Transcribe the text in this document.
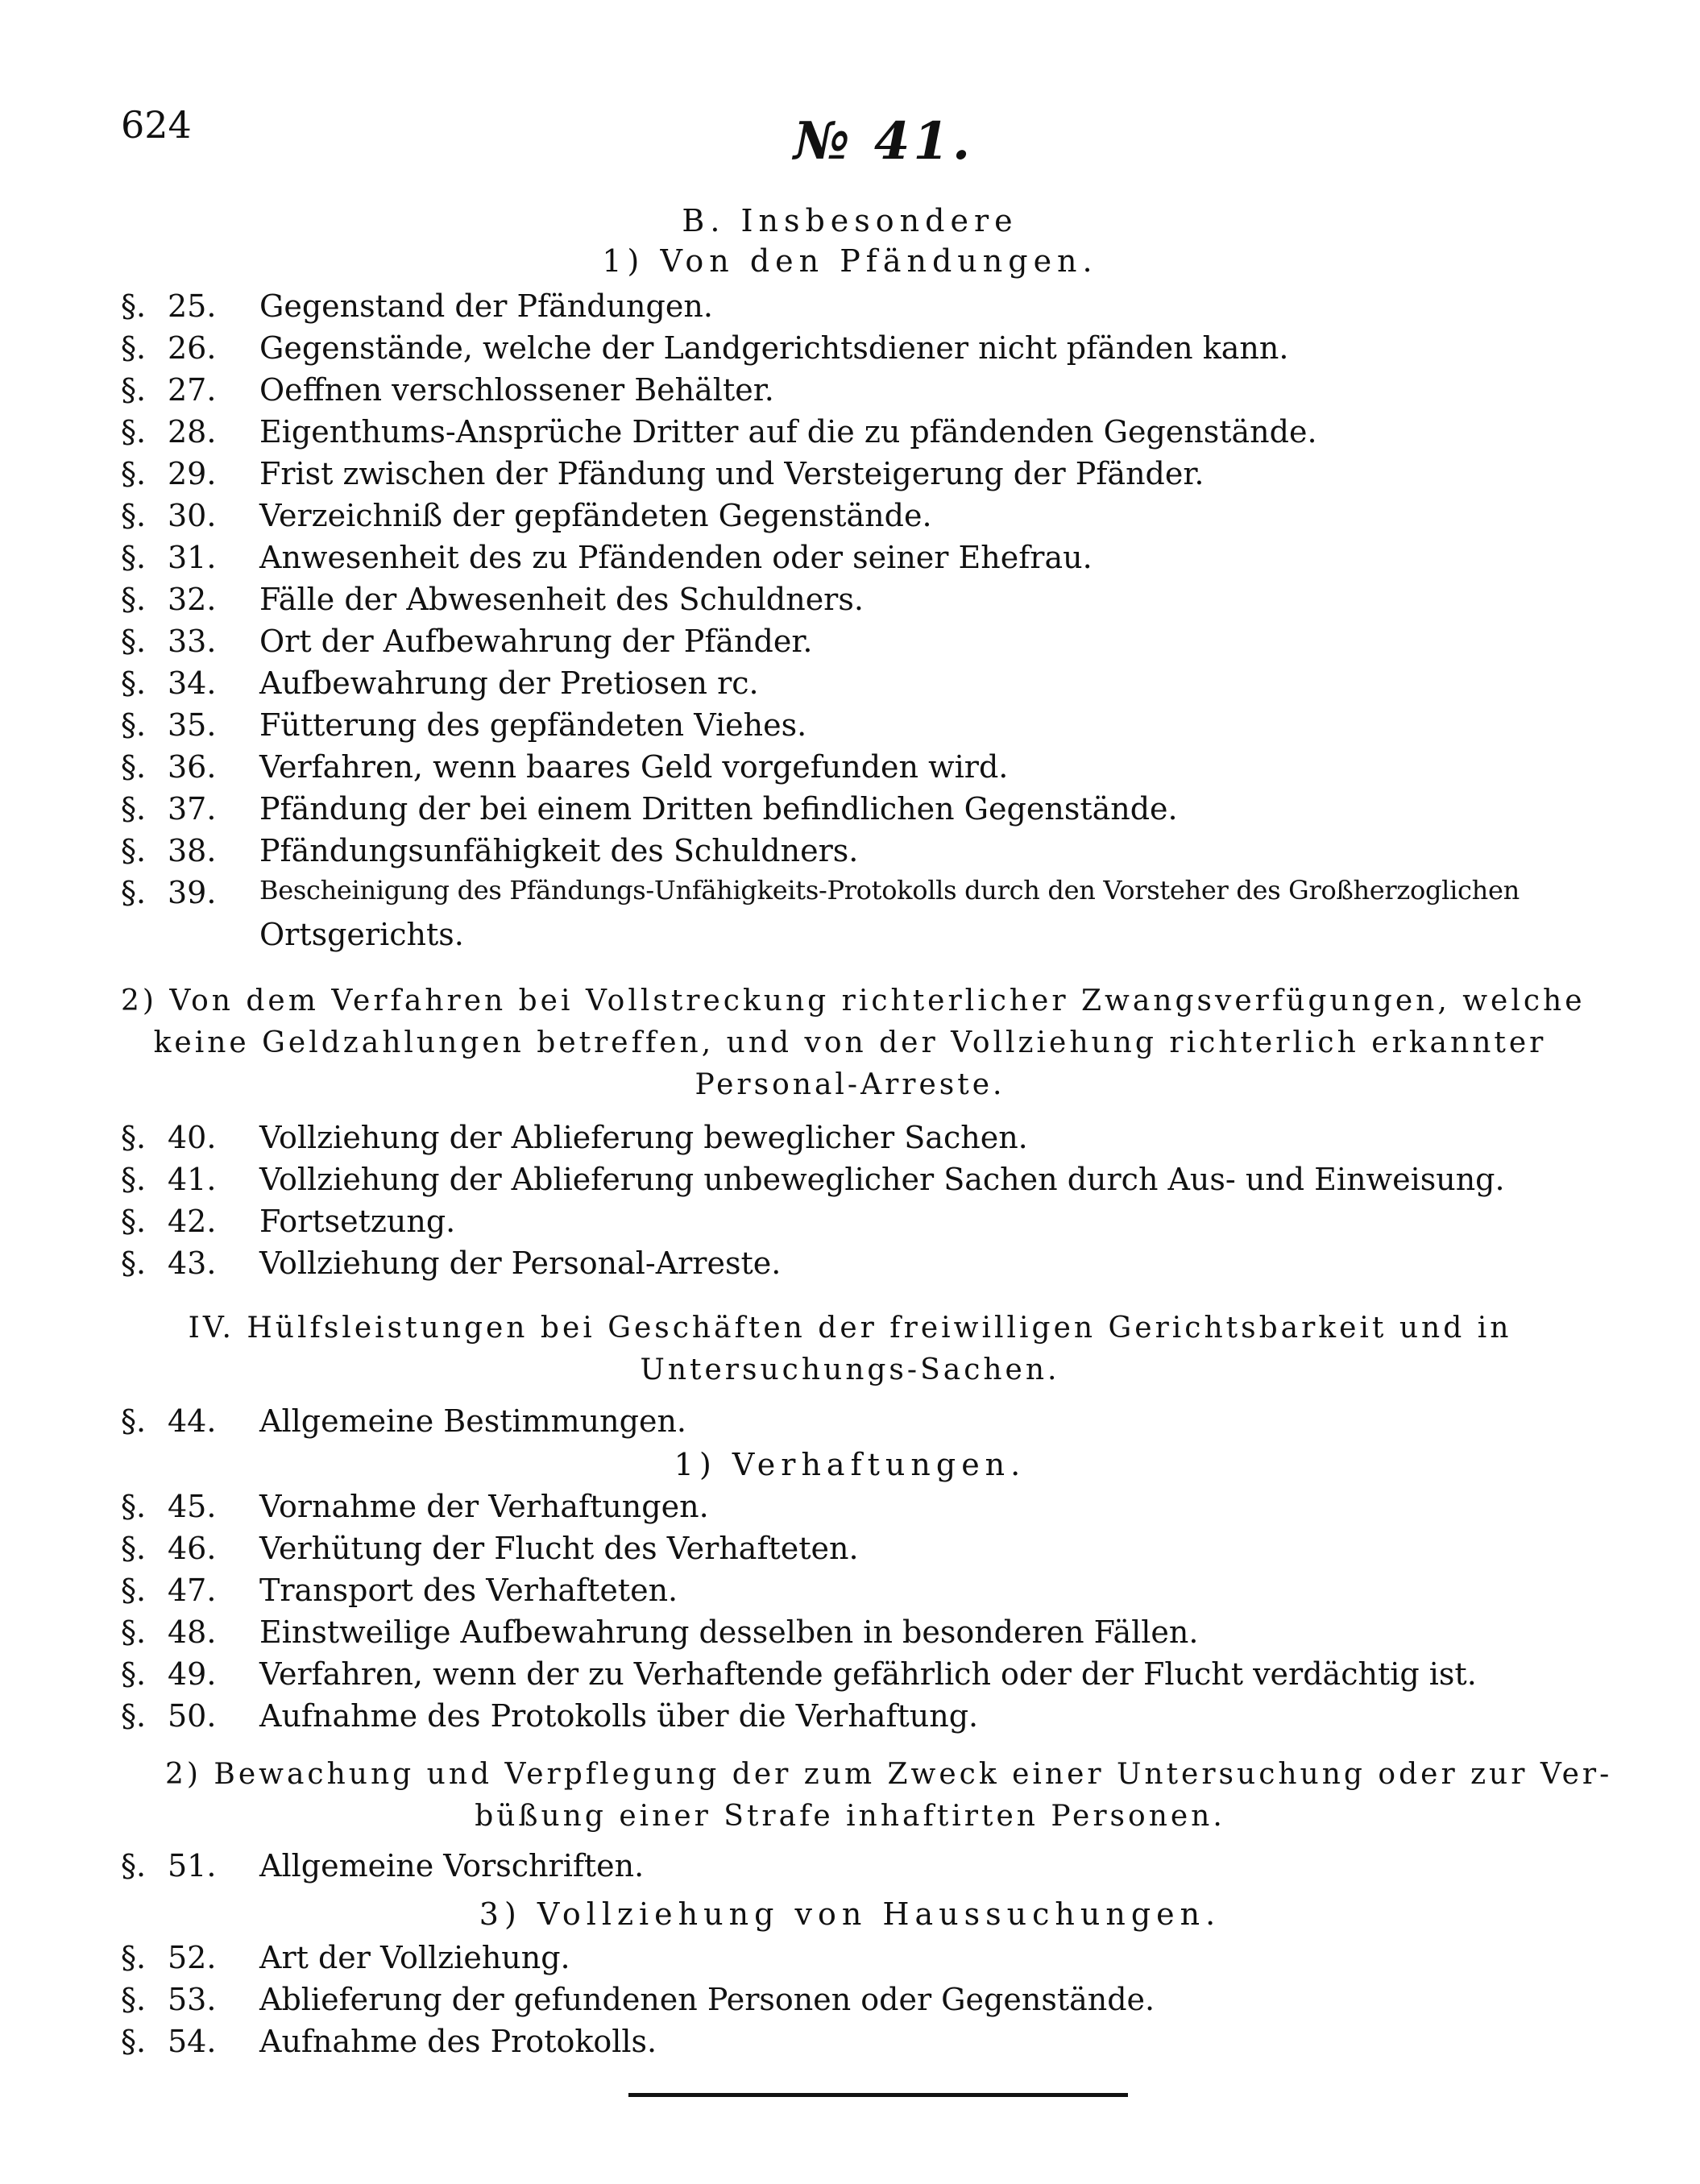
624	№ 41.
B. Insbesondere
1) Von den Pfändungen.
§. 25. Gegenstand der Pfändungen.
§. 26. Gegenstände, welche der Landgerichtsdiener nicht pfänden kann.
§. 27. Oeffnen verschlossener Behälter.
§. 28. Eigenthums-Ansprüche Dritter auf die zu pfändenden Gegenstände.
§. 29. Frist zwischen der Pfändung und Versteigerung der Pfänder.
§. 30. Verzeichniß der gepfändeten Gegenstände.
§. 31. Anwesenheit des zu Pfändenden oder seiner Ehefrau.
§. 32. Fälle der Abwesenheit des Schuldners.
§. 33. Ort der Aufbewahrung der Pfänder.
§. 34. Aufbewahrung der Pretiosen rc.
§. 35. Fütterung des gepfändeten Viehes.
§. 36. Verfahren, wenn baares Geld vorgefunden wird.
§. 37. Pfändung der bei einem Dritten befindlichen Gegenstände.
§. 38. Pfändungsunfähigkeit des Schuldners.
§. 39. Bescheinigung des Pfändungs-Unfähigkeits-Protokolls durch den Vorsteher des Großherzoglichen
Ortsgerichts.
2) Von dem Verfahren bei Vollstreckung richterlicher Zwangsverfügungen, welche
keine Geldzahlungen betreffen, und von der Vollziehung richterlich erkannter
Personal-Arreste.
§. 40. Vollziehung der Ablieferung beweglicher Sachen.
§. 41. Vollziehung der Ablieferung unbeweglicher Sachen durch Aus- und Einweisung.
§. 42. Fortsetzung.
§. 43. Vollziehung der Personal-Arreste.
IV. Hülfsleistungen bei Geschäften der freiwilligen Gerichtsbarkeit und in
Untersuchungs-Sachen.
§. 44. Allgemeine Bestimmungen.
1) Verhaftungen.
§. 45. Vornahme der Verhaftungen.
§. 46. Verhütung der Flucht des Verhafteten.
§. 47. Transport des Verhafteten.
§. 48. Einstweilige Aufbewahrung desselben in besonderen Fällen.
§. 49. Verfahren, wenn der zu Verhaftende gefährlich oder der Flucht verdächtig ist.
§. 50. Aufnahme des Protokolls über die Verhaftung.
2) Bewachung und Verpflegung der zum Zweck einer Untersuchung oder zur Ver-
büßung einer Strafe inhaftirten Personen.
§. 51. Allgemeine Vorschriften.
3) Vollziehung von Haussuchungen.
§. 52. Art der Vollziehung.
§. 53. Ablieferung der gefundenen Personen oder Gegenstände.
§. 54. Aufnahme des Protokolls.
